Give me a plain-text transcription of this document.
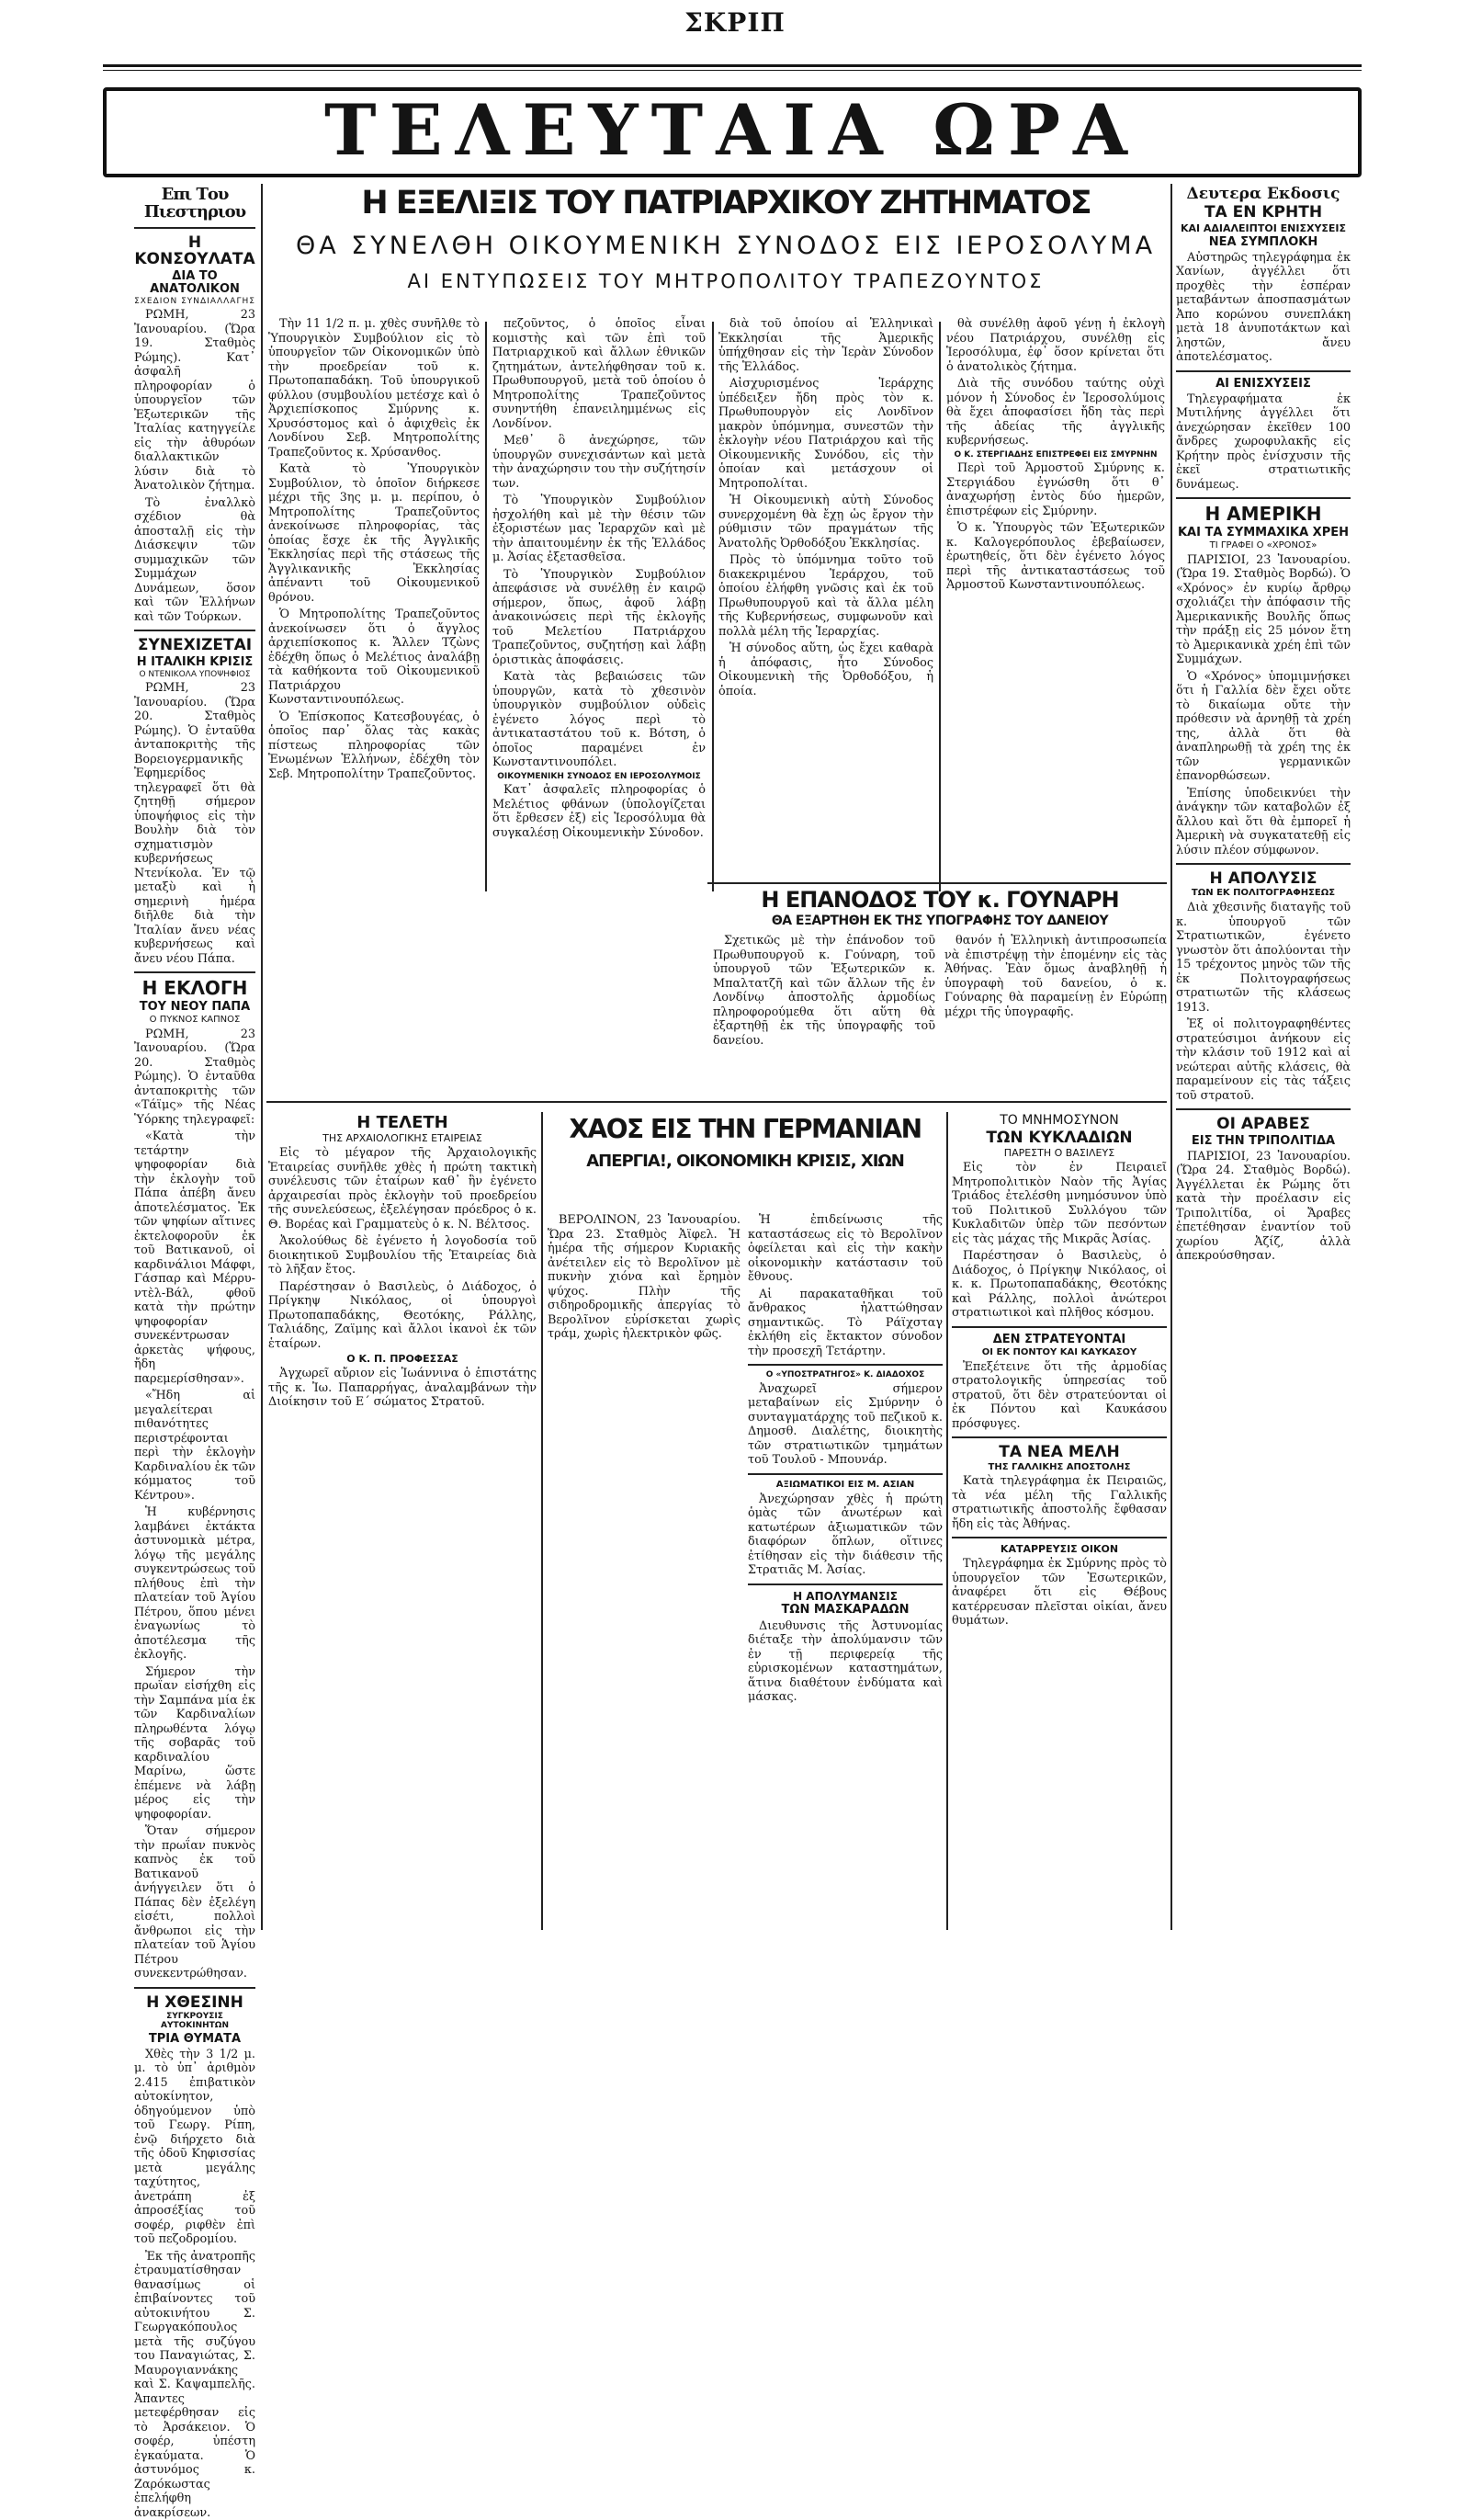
ΣΚΡΙΠ
ΤΕΛΕΥΤΑΙΑ ΩΡΑ
Επι Του Πιεστηριου
Η ΚΟΝΣΟΥΛΑΤΑ
ΔΙΑ ΤΟ ΑΝΑΤΟΛΙΚΟΝ
ΣΧΕΔΙΟΝ ΣΥΝΔΙΑΛΛΑΓΗΣ

ΡΩΜΗ, 23 Ἰανουαρίου. (Ὥρα 19. Σταθμὸς Ρώμης). Κατ᾽ ἀσφαλῆ πληροφορίαν ὁ ὑπουργεῖον τῶν Ἐξωτερικῶν τῆς Ἰταλίας κατηγγείλε εἰς τὴν ἀθυρόων διαλλακτικῶν λύσιν διὰ τὸ Ἀνατολικὸν ζήτημα.

Τὸ ἐναλλκὸ σχέδιον θὰ ἀποσταλῇ εἰς τὴν Διάσκεψιν τῶν συμμαχικῶν τῶν Συμμάχων Δυνάμεων, ὅσον καὶ τῶν Ἑλλήνων καὶ τῶν Τούρκων.

ΣΥΝΕΧΙΖΕΤΑΙ
Η ΙΤΑΛΙΚΗ ΚΡΙΣΙΣ
Ο ΝΤΕΝΙΚΟΛΑ ΥΠΟΨΗΦΙΟΣ

ΡΩΜΗ, 23 Ἰανουαρίου. (Ὥρα 20. Σταθμὸς Ρώμης). Ὁ ἐνταῦθα ἀνταποκριτὴς τῆς Βορειογερμανικῆς Ἐφημερίδος τηλεγραφεῖ ὅτι θὰ ζητηθῇ σήμερον ὑποψήφιος εἰς τὴν Βουλὴν διὰ τὸν σχηματισμὸν κυβερνήσεως Ντενίκολα. Ἐν τῷ μεταξὺ καὶ ἡ σημερινὴ ἡμέρα διῆλθε διὰ τὴν Ἰταλίαν ἄνευ νέας κυβερνήσεως καὶ ἄνευ νέου Πάπα.

Η ΕΚΛΟΓΗ
ΤΟΥ ΝΕΟΥ ΠΑΠΑ
Ο ΠΥΚΝΟΣ ΚΑΠΝΟΣ

ΡΩΜΗ, 23 Ἰανουαρίου. (Ὥρα 20. Σταθμὸς Ρώμης). Ὁ ἐνταῦθα ἀνταποκριτὴς τῶν «Τάϊμς» τῆς Νέας Ὑόρκης τηλεγραφεῖ:

«Κατὰ τὴν τετάρτην ψηφοφορίαν διὰ τὴν ἐκλογὴν τοῦ Πάπα ἀπέβη ἄνευ ἀποτελέσματος. Ἐκ τῶν ψηφίων αἵτινες ἐκτελοφοροῦν ἐκ τοῦ Βατικανοῦ, οἱ καρδινάλιοι Μάφφι, Γάσπαρ καὶ Μέρρυ-ντὲλ-Βάλ, φθοῦ κατὰ τὴν πρώτην ψηφοφορίαν συνεκέντρωσαν ἀρκετὰς ψήφους, ἤδη παρεμερίσθησαν».

«Ἤδη αἱ μεγαλείτεραι πιθανότητες περιστρέφονται περὶ τὴν ἐκλογὴν Καρδιναλίου ἐκ τῶν κόμματος τοῦ Κέντρου».

Ἡ κυβέρνησις λαμβάνει ἐκτάκτα ἀστυνομικὰ μέτρα, λόγῳ τῆς μεγάλης συγκεντρώσεως τοῦ πλήθους ἐπὶ τὴν πλατείαν τοῦ Ἁγίου Πέτρου, ὅπου μένει ἐναγωνίως τὸ ἀποτέλεσμα τῆς ἐκλογῆς.

Σήμερον τὴν πρωΐαν εἰσήχθη εἰς τὴν Σαμπάνα μία ἐκ τῶν Καρδιναλίων πληρωθέντα λόγῳ τῆς σοβαρᾶς τοῦ καρδιναλίου Μαρίνω, ὥστε ἐπέμενε νὰ λάβῃ μέρος εἰς τὴν ψηφοφορίαν.

Ὅταν σήμερον τὴν πρωΐαν πυκνὸς καπνὸς ἐκ τοῦ Βατικανοῦ ἀνήγγειλεν ὅτι ὁ Πάπας δὲν ἐξελέγη εἰσέτι, πολλοὶ ἄνθρωποι εἰς τὴν πλατείαν τοῦ Ἁγίου Πέτρου συνεκεντρώθησαν.

Η ΧΘΕΣΙΝΗ
ΣΥΓΚΡΟΥΣΙΣ ΑΥΤΟΚΙΝΗΤΩΝ
ΤΡΙΑ ΘΥΜΑΤΑ

Χθὲς τὴν 3 1/2 μ. μ. τὸ ὑπ᾽ ἀριθμὸν 2.415 ἐπιβατικὸν αὐτοκίνητον, ὁδηγούμενον ὑπὸ τοῦ Γεωργ. Ρίπη, ἐνῷ διήρχετο διὰ τῆς ὁδοῦ Κηφισσίας μετὰ μεγάλης ταχύτητος, ἀνετράπη ἐξ ἀπροσέξίας τοῦ σοφέρ, ριφθὲν ἐπὶ τοῦ πεζοδρομίου.

Ἐκ τῆς ἀνατροπῆς ἐτραυματίσθησαν θανασίμως οἱ ἐπιβαίνοντες τοῦ αὐτοκινήτου Σ. Γεωργακόπουλος μετὰ τῆς συζύγου του Παναγιώτας, Σ. Μαυρογιαννάκης καὶ Σ. Καψαμπελῆς. Ἀπαντες μετεφέρθησαν εἰς τὸ Ἀρσάκειον. Ὁ σοφέρ, ὑπέστη ἐγκαύματα. Ὁ ἀστυνόμος κ. Ζαρόκωστας ἐπελήφθη ἀνακρίσεων.

Η ΕΞΕΛΙΞΙΣ ΤΟΥ ΠΑΤΡΙΑΡΧΙΚΟΥ ΖΗΤΗΜΑΤΟΣ
ΘΑ ΣΥΝΕΛΘΗ ΟΙΚΟΥΜΕΝΙΚΗ ΣΥΝΟΔΟΣ ΕΙΣ ΙΕΡΟΣΟΛΥΜΑ
ΑΙ ΕΝΤΥΠΩΣΕΙΣ ΤΟΥ ΜΗΤΡΟΠΟΛΙΤΟΥ ΤΡΑΠΕΖΟΥΝΤΟΣ

Τὴν 11 1/2 π. μ. χθὲς συνῆλθε τὸ Ὑπουργικὸν Συμβούλιον εἰς τὸ ὑπουργεῖον τῶν Οἰκονομικῶν ὑπὸ τὴν προεδρείαν τοῦ κ. Πρωτοπαπαδάκη. Τοῦ ὑπουργικοῦ φύλλου (συμβουλίου μετέσχε καὶ ὁ Ἀρχιεπίσκοπος Σμύρνης κ. Χρυσόστομος καὶ ὁ ἀφιχθεὶς ἐκ Λονδίνου Σεβ. Μητροπολίτης Τραπεζοῦντος κ. Χρύσανθος.

Κατὰ τὸ Ὑπουργικὸν Συμβούλιον, τὸ ὁποῖον διήρκεσε μέχρι τῆς 3ης μ. μ. περίπου, ὁ Μητροπολίτης Τραπεζοῦντος ἀνεκοίνωσε πληροφορίας, τὰς ὁποίας ἔσχε ἐκ τῆς Ἀγγλικῆς Ἐκκλησίας περὶ τῆς στάσεως τῆς Ἀγγλικανικῆς Ἐκκλησίας ἀπέναντι τοῦ Οἰκουμενικοῦ θρόνου.

Ὁ Μητροπολίτης Τραπεζοῦντος ἀνεκοίνωσεν ὅτι ὁ ἄγγλος ἀρχιεπίσκοπος κ. Ἄλλεν Τζὼνς ἐδέχθη ὅπως ὁ Μελέτιος ἀναλάβῃ τὰ καθήκοντα τοῦ Οἰκουμενικοῦ Πατριάρχου Κωνσταντινουπόλεως.

Ὁ Ἐπίσκοπος Κατεσβουγέας, ὁ ὁποῖος παρ᾽ ὅλας τὰς κακὰς πίστεως πληροφορίας τῶν Ἑνωμένων Ἑλλήνων, ἐδέχθη τὸν Σεβ. Μητροπολίτην Τραπεζοῦντος.

πεζοῦντος, ὁ ὁποῖος εἶναι κομιστὴς καὶ τῶν ἐπὶ τοῦ Πατριαρχικοῦ καὶ ἄλλων ἐθνικῶν ζητημάτων, ἀντελήφθησαν τοῦ κ. Πρωθυπουργοῦ, μετὰ τοῦ ὁποίου ὁ Μητροπολίτης Τραπεζοῦντος συνηντήθη ἐπανειλημμένως εἰς Λονδίνον.

Μεθ᾽ ὃ ἀνεχώρησε, τῶν ὑπουργῶν συνεχισάντων καὶ μετὰ τὴν ἀναχώρησιν του τὴν συζήτησίν των.

Τὸ Ὑπουργικὸν Συμβούλιον ἠσχολήθη καὶ μὲ τὴν θέσιν τῶν ἐξοριστέων μας Ἱεραρχῶν καὶ μὲ τὴν ἀπαιτουμένην ἐκ τῆς Ἑλλάδος μ. Ἀσίας ἐξετασθεῖσα.

Τὸ Ὑπουργικὸν Συμβούλιον ἀπεφάσισε νὰ συνέλθῃ ἐν καιρῷ σήμερον, ὅπως, ἀφοῦ λάβῃ ἀνακοινώσεις περὶ τῆς ἐκλογῆς τοῦ Μελετίου Πατριάρχου Τραπεζοῦντος, συζητήσῃ καὶ λάβῃ ὁριστικὰς ἀποφάσεις.

Κατὰ τὰς βεβαιώσεις τῶν ὑπουργῶν, κατὰ τὸ χθεσινὸν ὑπουργικὸν συμβούλιον οὐδεὶς ἐγένετο λόγος περὶ τὸ ἀντικαταστάτου τοῦ κ. Βότση, ὁ ὁποῖος παραμένει ἐν Κωνσταντινουπόλει.

ΟΙΚΟΥΜΕΝΙΚΗ ΣΥΝΟΔΟΣ ΕΝ ΙΕΡΟΣΟΛΥΜΟΙΣ

Κατ᾽ ἀσφαλεῖς πληροφορίας ὁ Μελέτιος φθάνων (ὑπολογίζεται ὅτι ἔρθεσεν ἐξ) εἰς Ἱεροσόλυμα θὰ συγκαλέσῃ Οἰκουμενικὴν Σύνοδον.

διὰ τοῦ ὁποίου αἱ Ἑλληνικαὶ Ἐκκλησίαι τῆς Ἀμερικῆς ὑπήχθησαν εἰς τὴν Ἱερὰν Σύνοδον τῆς Ἑλλάδος.

Αἰσχυρισμένος Ἱεράρχης ὑπέδειξεν ἤδη πρὸς τὸν κ. Πρωθυπουργὸν εἰς Λονδῖνον μακρὸν ὑπόμνημα, συνεστῶν τὴν ἐκλογὴν νέου Πατριάρχου καὶ τῆς Οἰκουμενικῆς Συνόδου, εἰς τὴν ὁποίαν καὶ μετάσχουν οἱ Μητροπολίται.

Ἡ Οἰκουμενικὴ αὐτὴ Σύνοδος συνερχομένη θὰ ἔχῃ ὡς ἔργον τὴν ρύθμισιν τῶν πραγμάτων τῆς Ἀνατολῆς Ὀρθοδόξου Ἐκκλησίας.

Πρὸς τὸ ὑπόμνημα τοῦτο τοῦ διακεκριμένου Ἱεράρχου, τοῦ ὁποίου ἐλήφθη γνῶσις καὶ ἐκ τοῦ Πρωθυπουργοῦ καὶ τὰ ἄλλα μέλη τῆς Κυβερνήσεως, συμφωνοῦν καὶ πολλὰ μέλη τῆς Ἱεραρχίας.

Ἡ σύνοδος αὕτη, ὡς ἔχει καθαρὰ ἡ ἀπόφασις, ἦτο Σύνοδος Οἰκουμενικὴ τῆς Ὀρθοδόξου, ἡ ὁποία.

θὰ συνέλθῃ ἀφοῦ γένῃ ἡ ἐκλογὴ νέου Πατριάρχου, συνέλθῃ εἰς Ἱεροσόλυμα, ἐφ᾽ ὅσον κρίνεται ὅτι ὁ ἀνατολικὸς ζήτημα.

Διὰ τῆς συνόδου ταύτης οὐχὶ μόνον ἡ Σύνοδος ἐν Ἱεροσολύμοις θὰ ἔχει ἀποφασίσει ἤδη τὰς περὶ τῆς ἀδείας τῆς ἀγγλικῆς κυβερνήσεως.

Ο Κ. ΣΤΕΡΓΙΑΔΗΣ ΕΠΙΣΤΡΕΦΕΙ ΕΙΣ ΣΜΥΡΝΗΝ

Περὶ τοῦ Ἁρμοστοῦ Σμύρνης κ. Στεργιάδου ἐγνώσθη ὅτι θ᾽ ἀναχωρήσῃ ἐντὸς δύο ἡμερῶν, ἐπιστρέφων εἰς Σμύρνην.

Ὁ κ. Ὑπουργὸς τῶν Ἐξωτερικῶν κ. Καλογερόπουλος ἐβεβαίωσεν, ἐρωτηθείς, ὅτι δὲν ἐγένετο λόγος περὶ τῆς ἀντικαταστάσεως τοῦ Ἁρμοστοῦ Κωνσταντινουπόλεως.

Η ΕΠΑΝΟΔΟΣ ΤΟΥ κ. ΓΟΥΝΑΡΗ
ΘΑ ΕΞΑΡΤΗΘΗ ΕΚ ΤΗΣ ΥΠΟΓΡΑΦΗΣ ΤΟΥ ΔΑΝΕΙΟΥ

Σχετικῶς μὲ τὴν ἐπάνοδον τοῦ Πρωθυπουργοῦ κ. Γούναρη, τοῦ ὑπουργοῦ τῶν Ἐξωτερικῶν κ. Μπαλτατζῆ καὶ τῶν ἄλλων τῆς ἐν Λονδίνῳ ἀποστολῆς ἀρμοδίως πληροφορούμεθα ὅτι αὕτη θὰ ἐξαρτηθῇ ἐκ τῆς ὑπογραφῆς τοῦ δανείου.

θανόν ἡ Ἑλληνικὴ ἀντιπροσωπεία νὰ ἐπιστρέψῃ τὴν ἐπομένην εἰς τὰς Ἀθήνας. Ἐὰν ὅμως ἀναβληθῇ ἡ ὑπογραφὴ τοῦ δανείου, ὁ κ. Γούναρης θὰ παραμείνῃ ἐν Εὐρώπῃ μέχρι τῆς ὑπογραφῆς.

Δευτερα Εκδοσις
ΤΑ ΕΝ ΚΡΗΤΗ
ΚΑΙ ΑΔΙΑΛΕΙΠΤΟΙ ΕΝΙΣΧΥΣΕΙΣ
ΝΕΑ ΣΥΜΠΛΟΚΗ

Αὐστηρῶς τηλεγράφημα ἐκ Χανίων, ἀγγέλλει ὅτι προχθὲς τὴν ἑσπέραν μεταβάντων ἀποσπασμάτων Ἀπο κορώνου συνεπλάκη μετὰ 18 ἀνυποτάκτων καὶ ληστῶν, ἄνευ ἀποτελέσματος.

ΑΙ ΕΝΙΣΧΥΣΕΙΣ

Τηλεγραφήματα ἐκ Μυτιλήνης ἀγγέλλει ὅτι ἀνεχώρησαν ἐκεῖθεν 100 ἄνδρες χωροφυλακῆς εἰς Κρήτην πρὸς ἐνίσχυσιν τῆς ἐκεῖ στρατιωτικῆς δυνάμεως.

Η ΑΜΕΡΙΚΗ
ΚΑΙ ΤΑ ΣΥΜΜΑΧΙΚΑ ΧΡΕΗ
ΤΙ ΓΡΑΦΕΙ Ο «ΧΡΟΝΟΣ»

ΠΑΡΙΣΙΟΙ, 23 Ἰανουαρίου. (Ὥρα 19. Σταθμὸς Βορδώ). Ὁ «Χρόνος» ἐν κυρίῳ ἄρθρῳ σχολιάζει τὴν ἀπόφασιν τῆς Ἀμερικανικῆς Βουλῆς ὅπως τὴν πράξῃ εἰς 25 μόνον ἔτη τὸ Ἀμερικανικὰ χρέη ἐπὶ τῶν Συμμάχων.

Ὁ «Χρόνος» ὑπομιμνῄσκει ὅτι ἡ Γαλλία δὲν ἔχει οὔτε τὸ δικαίωμα οὔτε τὴν πρόθεσιν νὰ ἀρνηθῇ τὰ χρέη της, ἀλλὰ ὅτι θὰ ἀναπληρωθῇ τὰ χρέη της ἐκ τῶν γερμανικῶν ἐπανορθώσεων.

Ἐπίσης ὑποδεικνύει τὴν ἀνάγκην τῶν καταβολῶν ἐξ ἄλλου καὶ ὅτι θὰ ἐμπορεῖ ἡ Ἀμερικὴ νὰ συγκατατεθῇ εἰς λύσιν πλέον σύμφωνον.

Η ΑΠΟΛΥΣΙΣ
ΤΩΝ ΕΚ ΠΟΛΙΤΟΓΡΑΦΗΣΕΩΣ

Διὰ χθεσινῆς διαταγῆς τοῦ κ. ὑπουργοῦ τῶν Στρατιωτικῶν, ἐγένετο γνωστὸν ὅτι ἀπολύονται τὴν 15 τρέχοντος μηνὸς τῶν τῆς ἐκ Πολιτογραφήσεως στρατιωτῶν τῆς κλάσεως 1913.

Ἐξ οἱ πολιτογραφηθέντες στρατεύσιμοι ἀνήκουν εἰς τὴν κλάσιν τοῦ 1912 καὶ αἱ νεώτεραι αὐτῆς κλάσεις, θὰ παραμείνουν εἰς τὰς τάξεις τοῦ στρατοῦ.

ΟΙ ΑΡΑΒΕΣ
ΕΙΣ ΤΗΝ ΤΡΙΠΟΛΙΤΙΔΑ

ΠΑΡΙΣΙΟΙ, 23 Ἰανουαρίου. (Ὥρα 24. Σταθμὸς Βορδώ). Ἀγγέλλεται ἐκ Ρώμης ὅτι κατὰ τὴν προέλασιν εἰς Τριπολιτίδα, οἱ Ἄραβες ἐπετέθησαν ἐναντίον τοῦ χωρίου Ἀζίζ, ἀλλὰ ἀπεκρούσθησαν.

Η ΤΕΛΕΤΗ
ΤΗΣ ΑΡΧΑΙΟΛΟΓΙΚΗΣ ΕΤΑΙΡΕΙΑΣ

Εἰς τὸ μέγαρον τῆς Ἀρχαιολογικῆς Ἑταιρείας συνῆλθε χθὲς ἡ πρώτη τακτικὴ συνέλευσις τῶν ἑταίρων καθ᾽ ἣν ἐγένετο ἀρχαιρεσίαι πρὸς ἐκλογὴν τοῦ προεδρείου τῆς συνελεύσεως, ἐξελέγησαν πρόεδρος ὁ κ. Θ. Βορέας καὶ Γραμματεὺς ὁ κ. Ν. Βέλτσος.

Ἀκολούθως δὲ ἐγένετο ἡ λογοδοσία τοῦ διοικητικοῦ Συμβουλίου τῆς Ἑταιρείας διὰ τὸ λῆξαν ἔτος.

Παρέστησαν ὁ Βασιλεὺς, ὁ Διάδοχος, ὁ Πρίγκηψ Νικόλαος, οἱ ὑπουργοὶ Πρωτοπαπαδάκης, Θεοτόκης, Ράλλης, Ταλιάδης, Ζαϊμης καὶ ἄλλοι ἱκανοὶ ἐκ τῶν ἑταίρων.

Ο Κ. Π. ΠΡΟΦΕΣΣΑΣ

Ἀγχωρεῖ αὔριον εἰς Ἰωάννινα ὁ ἐπιστάτης τῆς κ. Ἰω. Παπαρρήγας, ἀναλαμβάνων τὴν Διοίκησιν τοῦ Ε΄ σώματος Στρατοῦ.

ΧΑΟΣ ΕΙΣ ΤΗΝ ΓΕΡΜΑΝΙΑΝ
ΑΠΕΡΓΙΑ!, ΟΙΚΟΝΟΜΙΚΗ ΚΡΙΣΙΣ, ΧΙΩΝ

ΒΕΡΟΛΙΝΟΝ, 23 Ἰανουαρίου. Ὥρα 23. Σταθμὸς Ἀϊφελ. Ἡ ἡμέρα τῆς σήμερον Κυριακῆς ἀνέτειλεν εἰς τὸ Βερολῖνον μὲ πυκνὴν χιόνα καὶ ἔρημὸν ψύχος. Πλὴν τῆς σιδηροδρομικῆς ἀπεργίας τὸ Βερολῖνον εὑρίσκεται χωρὶς τράμ, χωρὶς ἠλεκτρικὸν φῶς.

Ἡ ἐπιδείνωσις τῆς καταστάσεως εἰς τὸ Βερολῖνον ὀφείλεται καὶ εἰς τὴν κακὴν οἰκονομικὴν κατάστασιν τοῦ ἔθνους.

Αἱ παρακαταθῆκαι τοῦ ἄνθρακος ἠλαττώθησαν σημαντικῶς. Τὸ Ράϊχσταγ ἐκλήθη εἰς ἔκτακτον σύνοδον τὴν προσεχῆ Τετάρτην.

Ο «ΥΠΟΣΤΡΑΤΗΓΟΣ» Κ. ΔΙΑΔΟΧΟΣ

Ἀναχωρεῖ σήμερον μεταβαίνων εἰς Σμύρνην ὁ συνταγματάρχης τοῦ πεζικοῦ κ. Δημοσθ. Διαλέτης, διοικητὴς τῶν στρατιωτικῶν τμημάτων τοῦ Τουλοῦ - Μπουνάρ.

ΑΞΙΩΜΑΤΙΚΟΙ ΕΙΣ Μ. ΑΣΙΑΝ

Ἀνεχώρησαν χθὲς ἡ πρώτη ὁμὰς τῶν ἀνωτέρων καὶ κατωτέρων ἀξιωματικῶν τῶν διαφόρων ὅπλων, οἵτινες ἐτίθησαν εἰς τὴν διάθεσιν τῆς Στρατιᾶς Μ. Ἀσίας.

Η ΑΠΟΛΥΜΑΝΣΙΣ
ΤΩΝ ΜΑΣΚΑΡΑΔΩΝ

Διευθυνσις τῆς Ἀστυνομίας διέταξε τὴν ἀπολύμανσιν τῶν ἐν τῇ περιφερείᾳ τῆς εὑρισκομένων καταστημάτων, ἅτινα διαθέτουν ἐνδύματα καὶ μάσκας.

ΤΟ ΜΝΗΜΟΣΥΝΟΝ
ΤΩΝ ΚΥΚΛΑΔΙΩΝ
ΠΑΡΕΣΤΗ Ο ΒΑΣΙΛΕΥΣ

Εἰς τὸν ἐν Πειραιεῖ Μητροπολιτικὸν Ναὸν τῆς Ἁγίας Τριάδος ἐτελέσθη μνημόσυνον ὑπὸ τοῦ Πολιτικοῦ Συλλόγου τῶν Κυκλαδιτῶν ὑπὲρ τῶν πεσόντων εἰς τὰς μάχας τῆς Μικρᾶς Ἀσίας.

Παρέστησαν ὁ Βασιλεὺς, ὁ Διάδοχος, ὁ Πρίγκηψ Νικόλαος, οἱ κ. κ. Πρωτοπαπαδάκης, Θεοτόκης καὶ Ράλλης, πολλοὶ ἀνώτεροι στρατιωτικοὶ καὶ πλῆθος κόσμου.

ΔΕΝ ΣΤΡΑΤΕΥΟΝΤΑΙ
ΟΙ ΕΚ ΠΟΝΤΟΥ ΚΑΙ ΚΑΥΚΑΣΟΥ

Ἐπεξέτεινε ὅτι τῆς ἀρμοδίας στρατολογικῆς ὑπηρεσίας τοῦ στρατοῦ, ὅτι δὲν στρατεύονται οἱ ἐκ Πόντου καὶ Καυκάσου πρόσφυγες.

ΤΑ ΝΕΑ ΜΕΛΗ
ΤΗΣ ΓΑΛΛΙΚΗΣ ΑΠΟΣΤΟΛΗΣ

Κατὰ τηλεγράφημα ἐκ Πειραιῶς, τὰ νέα μέλη τῆς Γαλλικῆς στρατιωτικῆς ἀποστολῆς ἔφθασαν ἤδη εἰς τὰς Ἀθήνας.

ΚΑΤΑΡΡΕΥΣΙΣ ΟΙΚΟΝ

Τηλεγράφημα ἐκ Σμύρνης πρὸς τὸ ὑπουργεῖον τῶν Ἐσωτερικῶν, ἀναφέρει ὅτι εἰς Θέβους κατέρρευσαν πλεῖσται οἰκίαι, ἄνευ θυμάτων.
